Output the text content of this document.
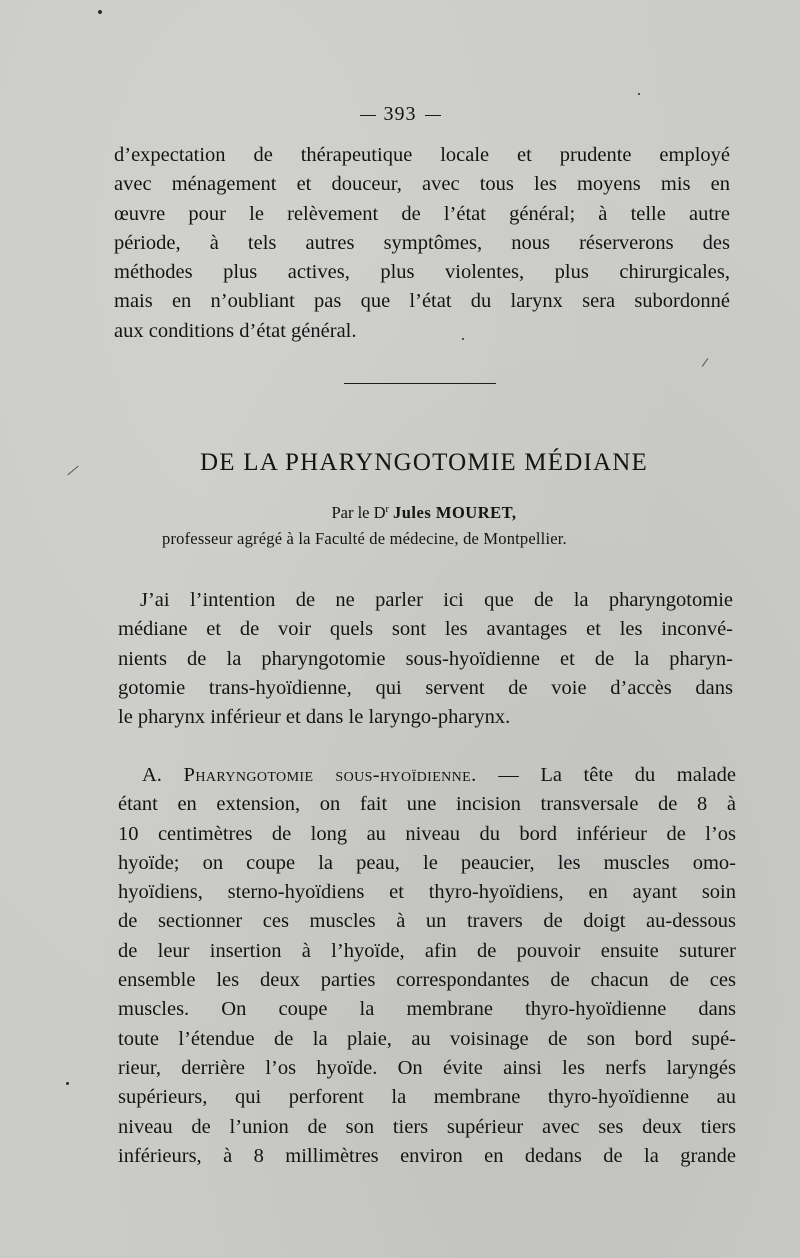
393
d’expectation de thérapeutique locale et prudente employé
avec ménagement et douceur, avec tous les moyens mis en
œuvre pour le relèvement de l’état général; à telle autre
période, à tels autres symptômes, nous réserverons des
méthodes plus actives, plus violentes, plus chirurgicales,
mais en n’oubliant pas que l’état du larynx sera subordonné
aux conditions d’état général.
DE LA PHARYNGOTOMIE MÉDIANE
Par le $D^r$ Jules MOURET,
professeur agrégé à la Faculté de médecine, de Montpellier.
J’ai l’intention de ne parler ici que de la pharyngotomie
médiane et de voir quels sont les avantages et les inconvé-
nients de la pharyngotomie sous-hyoïdienne et de la pharyn-
gotomie trans-hyoïdienne, qui servent de voie d’accès dans
le pharynx inférieur et dans le laryngo-pharynx.
A. Pharyngotomie sous-hyoïdienne. — La tête du malade
étant en extension, on fait une incision transversale de 8 à
10 centimètres de long au niveau du bord inférieur de l’os
hyoïde; on coupe la peau, le peaucier, les muscles omo-
hyoïdiens, sterno-hyoïdiens et thyro-hyoïdiens, en ayant soin
de sectionner ces muscles à un travers de doigt au-dessous
de leur insertion à l’hyoïde, afin de pouvoir ensuite suturer
ensemble les deux parties correspondantes de chacun de ces
muscles. On coupe la membrane thyro-hyoïdienne dans
toute l’étendue de la plaie, au voisinage de son bord supé-
rieur, derrière l’os hyoïde. On évite ainsi les nerfs laryngés
supérieurs, qui perforent la membrane thyro-hyoïdienne au
niveau de l’union de son tiers supérieur avec ses deux tiers
inférieurs, à 8 millimètres environ en dedans de la grande
